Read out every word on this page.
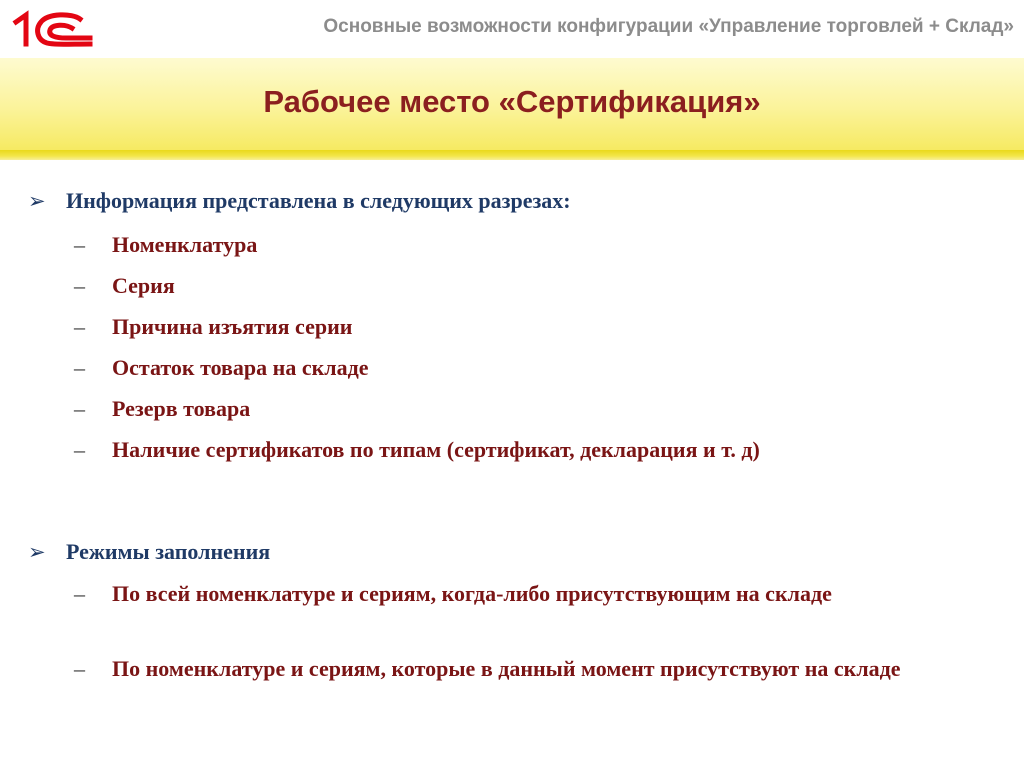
Основные возможности конфигурации «Управление торговлей + Склад»
Рабочее место «Сертификация»
➢ Информация представлена в следующих разрезах:
–	Номенклатура
–	Серия
–	Причина изъятия серии
–	Остаток товара на складе
–	Резерв товара
–	Наличие сертификатов по типам (сертификат, декларация и т. д)
➢ Режимы заполнения
–	По всей номенклатуре и сериям, когда-либо присутствующим на складе
–	По номенклатуре и сериям, которые в данный момент присутствуют на складе
